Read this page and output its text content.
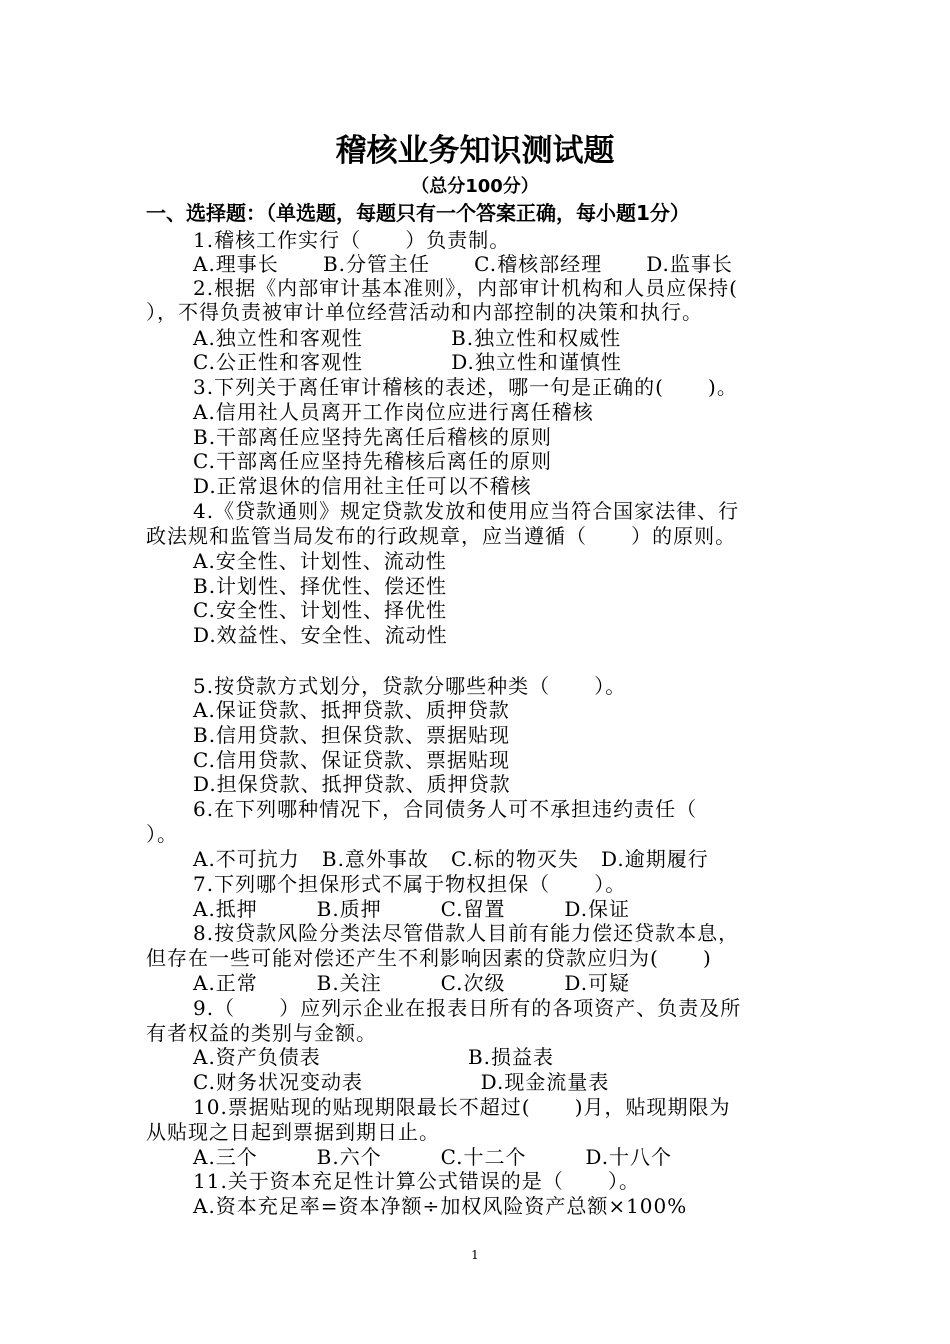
稽核业务知识测试题
（总分100分）
一、选择题：（单选题，每题只有一个答案正确，每小题1分）
1.稽核工作实行（      ）负责制。
A.理事长      B.分管主任      C.稽核部经理      D.监事长
2.根据《内部审计基本准则》，内部审计机构和人员应保持(
），不得负责被审计单位经营活动和内部控制的决策和执行。
A.独立性和客观性            B.独立性和权威性
C.公正性和客观性            D.独立性和谨慎性
3.下列关于离任审计稽核的表述，哪一句是正确的(      )。
A.信用社人员离开工作岗位应进行离任稽核
B.干部离任应坚持先离任后稽核的原则
C.干部离任应坚持先稽核后离任的原则
D.正常退休的信用社主任可以不稽核
4.《贷款通则》规定贷款发放和使用应当符合国家法律、行
政法规和监管当局发布的行政规章，应当遵循（      ）的原则。
A.安全性、计划性、流动性
B.计划性、择优性、偿还性
C.安全性、计划性、择优性
D.效益性、安全性、流动性
5.按贷款方式划分，贷款分哪些种类（      ）。
A.保证贷款、抵押贷款、质押贷款
B.信用贷款、担保贷款、票据贴现
C.信用贷款、保证贷款、票据贴现
D.担保贷款、抵押贷款、质押贷款
6.在下列哪种情况下，合同债务人可不承担违约责任（
）。
A.不可抗力   B.意外事故   C.标的物灭失   D.逾期履行
7.下列哪个担保形式不属于物权担保（      ）。
A.抵押        B.质押        C.留置        D.保证
8.按贷款风险分类法尽管借款人目前有能力偿还贷款本息，
但存在一些可能对偿还产生不利影响因素的贷款应归为(      )
A.正常        B.关注        C.次级        D.可疑
9.（      ）应列示企业在报表日所有的各项资产、负责及所
有者权益的类别与金额。
A.资产负债表                    B.损益表
C.财务状况变动表                D.现金流量表
10.票据贴现的贴现期限最长不超过(      )月，贴现期限为
从贴现之日起到票据到期日止。
A.三个        B.六个        C.十二个        D.十八个
11.关于资本充足性计算公式错误的是（      ）。
A.资本充足率=资本净额÷加权风险资产总额×100%
1
